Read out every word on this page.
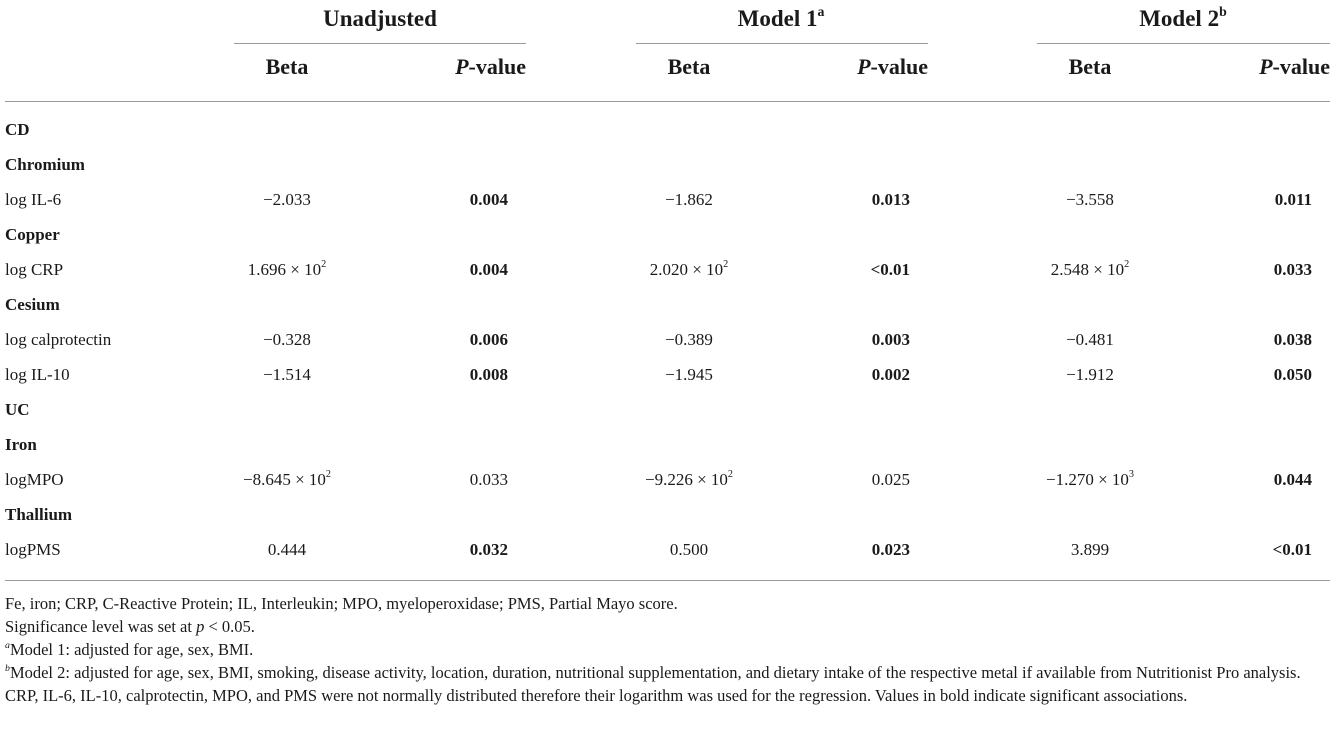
Unadjusted	Model 1$^a$	Model 2$^b$
Beta	P-value	Beta	P-value	Beta	P-value
CD
Chromium
log IL-6	−2.033	0.004	−1.862	0.013	−3.558	0.011
Copper
log CRP	$1.696 \times 10^2$	0.004	$2.020 \times 10^2$	<0.01	$2.548 \times 10^2$	0.033
Cesium
log calprotectin	−0.328	0.006	−0.389	0.003	−0.481	0.038
log IL-10	−1.514	0.008	−1.945	0.002	−1.912	0.050
UC
Iron
logMPO	$-8.645 \times 10^2$	0.033	$-9.226 \times 10^2$	0.025	$-1.270 \times 10^3$	0.044
Thallium
logPMS	0.444	0.032	0.500	0.023	3.899	<0.01
Fe, iron; CRP, C-Reactive Protein; IL, Interleukin; MPO, myeloperoxidase; PMS, Partial Mayo score.
Significance level was set at p < 0.05.
$^a$Model 1: adjusted for age, sex, BMI.
$^b$Model 2: adjusted for age, sex, BMI, smoking, disease activity, location, duration, nutritional supplementation, and dietary intake of the respective metal if available from Nutritionist Pro analysis.
CRP, IL-6, IL-10, calprotectin, MPO, and PMS were not normally distributed therefore their logarithm was used for the regression. Values in bold indicate significant associations.
